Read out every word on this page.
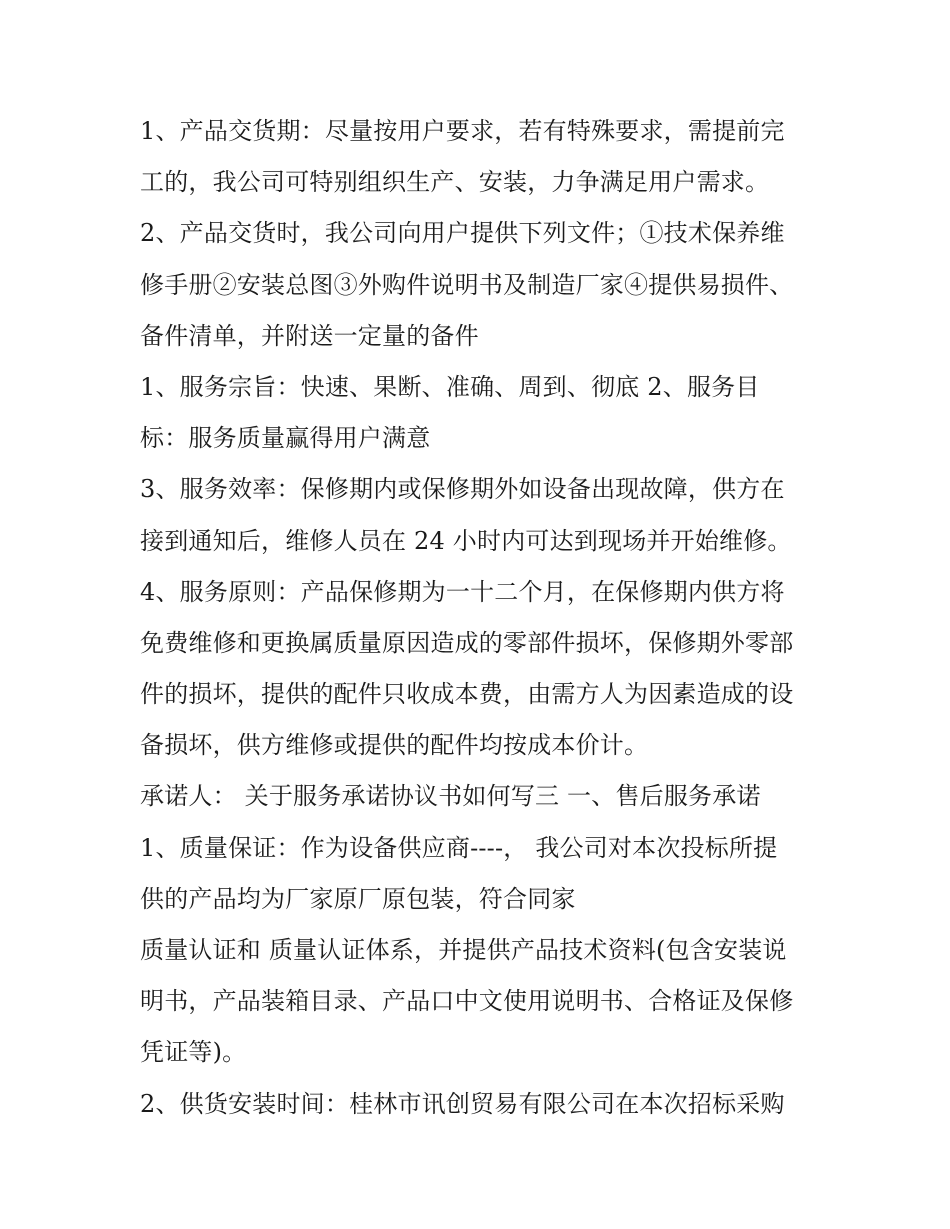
1、产品交货期：尽量按用户要求，若有特殊要求，需提前完
工的，我公司可特别组织生产、安装，力争满足用户需求。
2、产品交货时，我公司向用户提供下列文件；①技术保养维
修手册②安装总图③外购件说明书及制造厂家④提供易损件、
备件清单，并附送一定量的备件
1、服务宗旨：快速、果断、准确、周到、彻底 2、服务目
标：服务质量赢得用户满意
3、服务效率：保修期内或保修期外如设备出现故障，供方在
接到通知后，维修人员在 24 小时内可达到现场并开始维修。
4、服务原则：产品保修期为一十二个月，在保修期内供方将
免费维修和更换属质量原因造成的零部件损坏，保修期外零部
件的损坏，提供的配件只收成本费，由需方人为因素造成的设
备损坏，供方维修或提供的配件均按成本价计。
承诺人： 关于服务承诺协议书如何写三 一、售后服务承诺
1、质量保证：作为设备供应商----， 我公司对本次投标所提
供的产品均为厂家原厂原包装，符合同家
质量认证和 质量认证体系，并提供产品技术资料(包含安装说
明书，产品装箱目录、产品口中文使用说明书、合格证及保修
凭证等)。
2、供货安装时间：桂林市讯创贸易有限公司在本次招标采购
